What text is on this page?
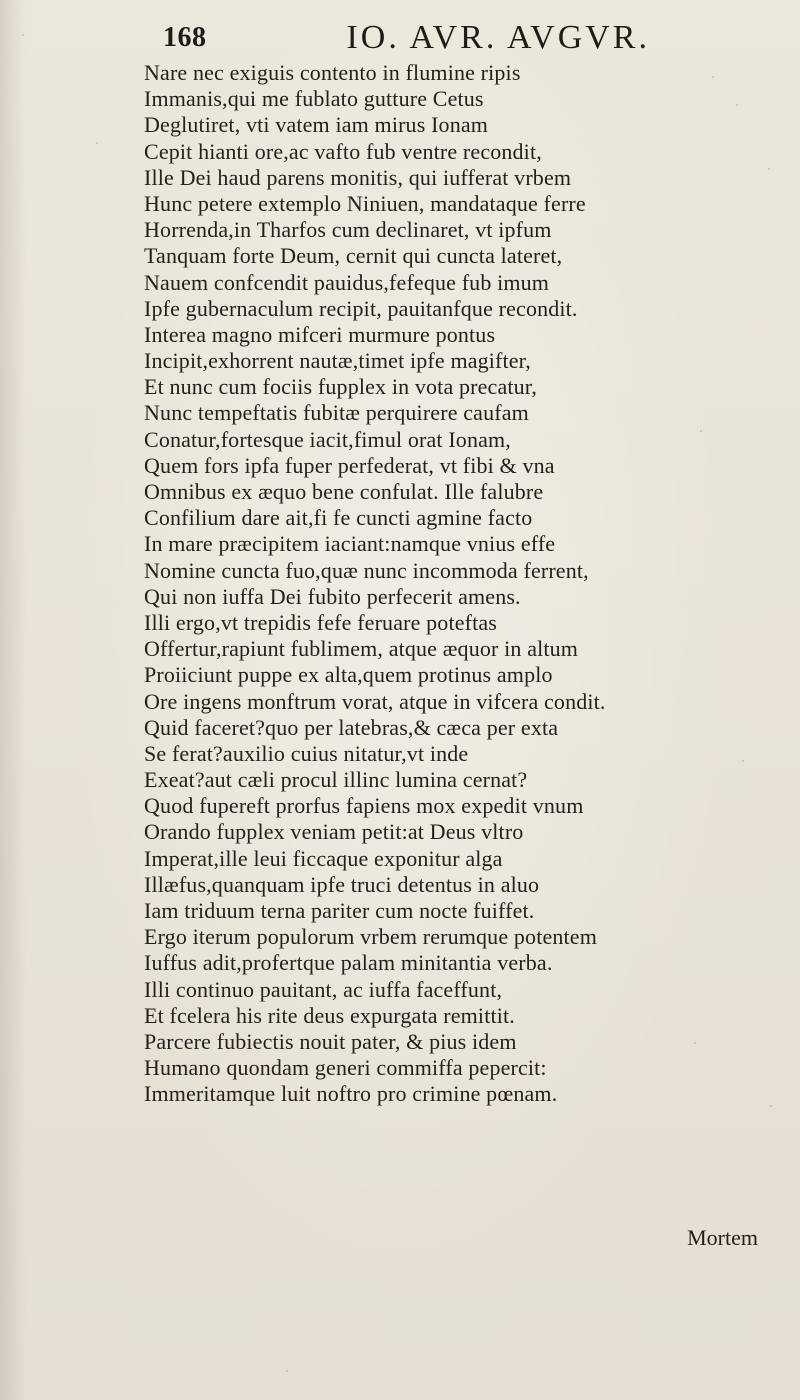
168	IO. AVR. AVGVR.
Nare nec exiguis contento in flumine ripis
Immanis,qui me fublato gutture Cetus
Deglutiret, vti vatem iam mirus Ionam
Cepit hianti ore,ac vafto fub ventre recondit,
Ille Dei haud parens monitis, qui iufferat vrbem
Hunc petere extemplo Niniuen, mandataque ferre
Horrenda,in Tharfos cum declinaret, vt ipfum
Tanquam forte Deum, cernit qui cuncta lateret,
Nauem confcendit pauidus,fefeque fub imum
Ipfe gubernaculum recipit, pauitanfque recondit.
Interea magno mifceri murmure pontus
Incipit,exhorrent nautæ,timet ipfe magifter,
Et nunc cum fociis fupplex in vota precatur,
Nunc tempeftatis fubitæ perquirere caufam
Conatur,fortesque iacit,fimul orat Ionam,
Quem fors ipfa fuper perfederat, vt fibi & vna
Omnibus ex æquo bene confulat. Ille falubre
Confilium dare ait,fi fe cuncti agmine facto
In mare præcipitem iaciant:namque vnius effe
Nomine cuncta fuo,quæ nunc incommoda ferrent,
Qui non iuffa Dei fubito perfecerit amens.
Illi ergo,vt trepidis fefe feruare poteftas
Offertur,rapiunt fublimem, atque æquor in altum
Proiiciunt puppe ex alta,quem protinus amplo
Ore ingens monftrum vorat, atque in vifcera condit.
Quid faceret?quo per latebras,& cæca per exta
Se ferat?auxilio cuius nitatur,vt inde
Exeat?aut cæli procul illinc lumina cernat?
Quod fupereft prorfus fapiens mox expedit vnum
Orando fupplex veniam petit:at Deus vltro
Imperat,ille leui ficcaque exponitur alga
Illæfus,quanquam ipfe truci detentus in aluo
Iam triduum terna pariter cum nocte fuiffet.
Ergo iterum populorum vrbem rerumque potentem
Iuffus adit,profertque palam minitantia verba.
Illi continuo pauitant, ac iuffa faceffunt,
Et fcelera his rite deus expurgata remittit.
Parcere fubiectis nouit pater, & pius idem
Humano quondam generi commiffa pepercit:
Immeritamque luit noftro pro crimine pœnam.
Mortem
